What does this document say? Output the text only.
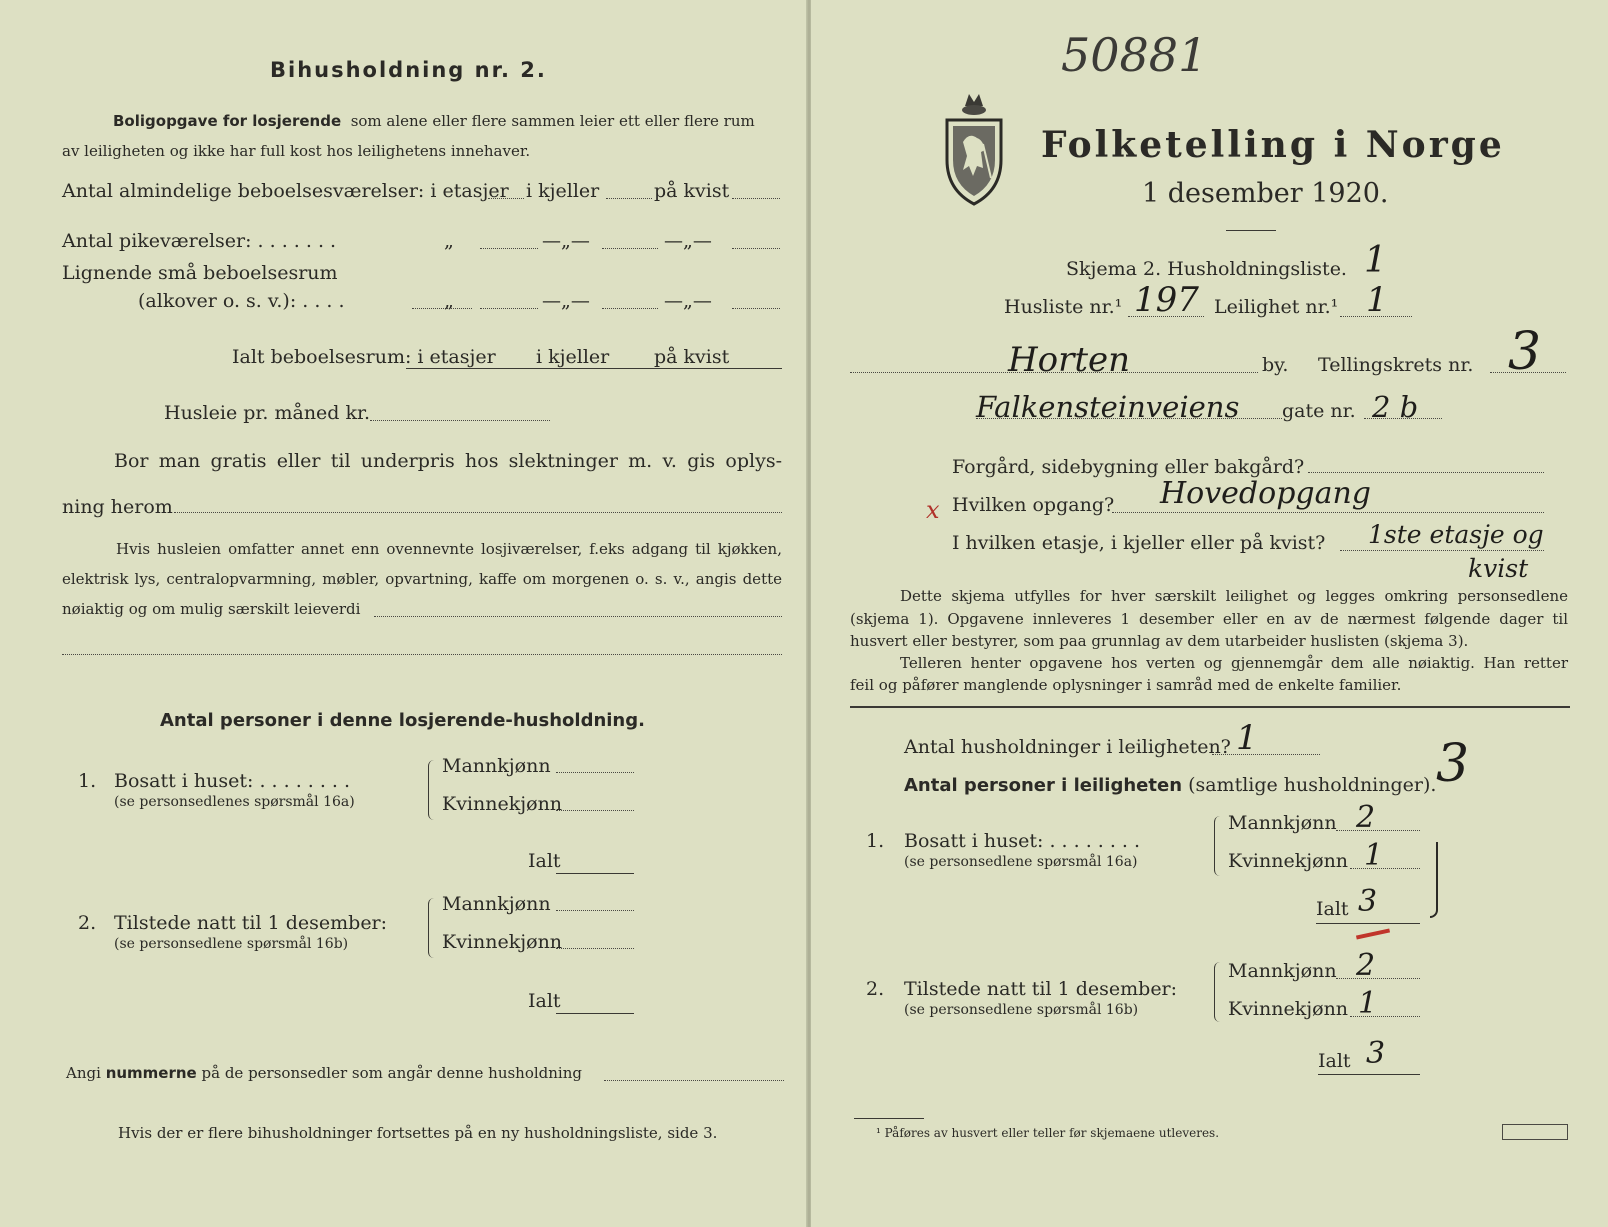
Bihusholdning nr. 2.
Boligopgave for losjerende som alene eller flere sammen leier ett eller flere rum
av leiligheten og ikke har full kost hos leilighetens innehaver.
Antal almindelige beboelsesværelser: i etasjer i kjeller	på kvist
Antal pikeværelser: . . . . . . .	„	—„—	—„—
Lignende små beboelsesrum
(alkover o. s. v.): . . . .	„	—„—	—„—
Ialt beboelsesrum: i etasjer i kjeller på kvist
Husleie pr. måned kr.
Bor man gratis eller til underpris hos slektninger m. v. gis oplys-
ning herom
Hvis husleien omfatter annet enn ovennevnte losjiværelser, f.eks adgang til kjøkken,
elektrisk lys, centralopvarmning, møbler, opvartning, kaffe om morgenen o. s. v., angis dette
nøiaktig og om mulig særskilt leieverdi
Antal personer i denne losjerende-husholdning.
1. Bosatt i huset: . . . . . . . .
(se personsedlenes spørsmål 16a)
Mannkjønn
Kvinnekjønn
Ialt
2. Tilstede natt til 1 desember:
(se personsedlene spørsmål 16b)
Mannkjønn
Kvinnekjønn
Ialt
Angi nummerne på de personsedler som angår denne husholdning
Hvis der er flere bihusholdninger fortsettes på en ny husholdningsliste, side 3.
50881
Folketelling i Norge
1 desember 1920.
Skjema 2. Husholdningsliste. 1
Husliste nr.¹ 197 Leilighet nr.¹ 1
Horten	by. Tellingskrets nr. 3
Falkensteinveiens gate nr. 2 b
Forgård, sidebygning eller bakgård?
x Hvilken opgang? Hovedopgang
I hvilken etasje, i kjeller eller på kvist? 1ste etasje og
kvist
Dette skjema utfylles for hver særskilt leilighet og legges omkring personsedlene
(skjema 1). Opgavene innleveres 1 desember eller en av de nærmest følgende dager til
husvert eller bestyrer, som paa grunnlag av dem utarbeider huslisten (skjema 3).
Telleren henter opgavene hos verten og gjennemgår dem alle nøiaktig. Han retter
feil og påfører manglende oplysninger i samråd med de enkelte familier.
Antal husholdninger i leiligheten? 1
Antal personer i leiligheten (samtlige husholdninger). 3
1. Bosatt i huset: . . . . . . . .
(se personsedlene spørsmål 16a)
Mannkjønn 2
Kvinnekjønn 1
Ialt 3
2. Tilstede natt til 1 desember:
(se personsedlene spørsmål 16b)
Mannkjønn 2
Kvinnekjønn 1
Ialt 3
¹ Påføres av husvert eller teller før skjemaene utleveres.
